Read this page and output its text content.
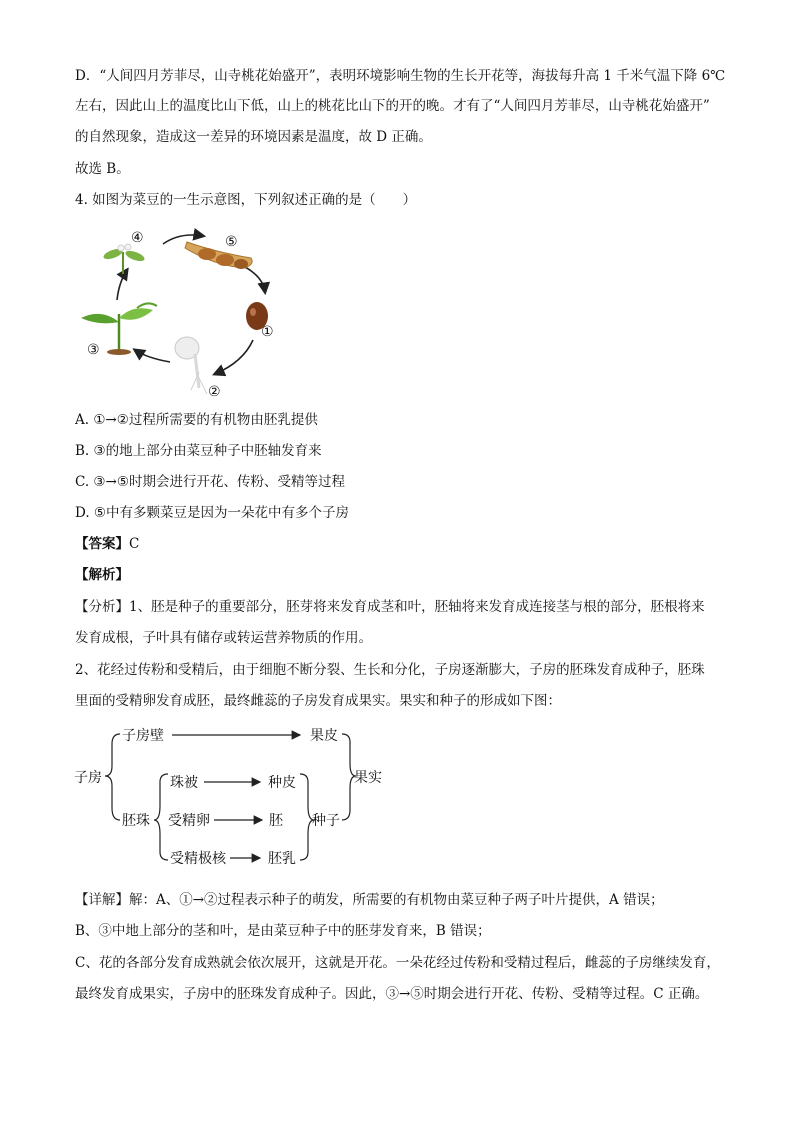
D．“人间四月芳菲尽，山寺桃花始盛开”，表明环境影响生物的生长开花等，海拔每升高 1 千米气温下降 6℃
左右，因此山上的温度比山下低，山上的桃花比山下的开的晚。才有了“人间四月芳菲尽，山寺桃花始盛开”
的自然现象，造成这一差异的环境因素是温度，故 D 正确。
故选 B。
4. 如图为菜豆的一生示意图，下列叙述正确的是（　　）
④	⑤
①
②
③
A. ①→②过程所需要的有机物由胚乳提供
B. ③的地上部分由菜豆种子中胚轴发育来
C. ③→⑤时期会进行开花、传粉、受精等过程
D. ⑤中有多颗菜豆是因为一朵花中有多个子房
【答案】C
【解析】
【分析】1、胚是种子的重要部分，胚芽将来发育成茎和叶，胚轴将来发育成连接茎与根的部分，胚根将来
发育成根，子叶具有储存或转运营养物质的作用。
2、花经过传粉和受精后，由于细胞不断分裂、生长和分化，子房逐渐膨大，子房的胚珠发育成种子，胚珠
里面的受精卵发育成胚，最终雌蕊的子房发育成果实。果实和种子的形成如下图：
子房
子房壁	果皮
果实
胚珠
珠被	种皮
受精卵	胚
受精极核	胚乳
种子
【详解】解：A、①→②过程表示种子的萌发，所需要的有机物由菜豆种子两子叶片提供，A 错误；
B、③中地上部分的茎和叶，是由菜豆种子中的胚芽发育来，B 错误；
C、花的各部分发育成熟就会依次展开，这就是开花。一朵花经过传粉和受精过程后，雌蕊的子房继续发育，
最终发育成果实，子房中的胚珠发育成种子。因此，③→⑤时期会进行开花、传粉、受精等过程。C 正确。
